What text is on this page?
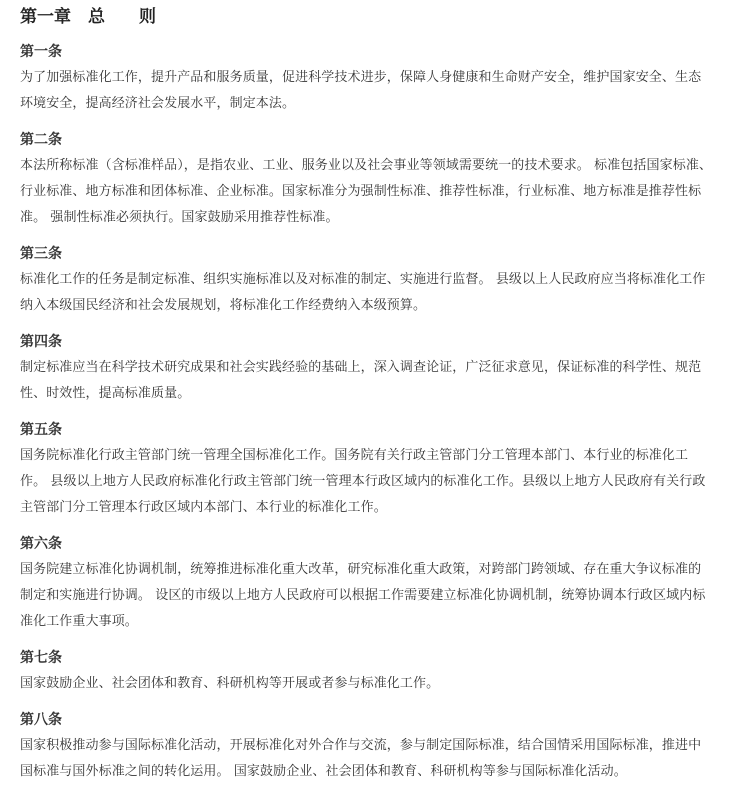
第一章　总　　则
第一条

为了加强标准化工作，提升产品和服务质量，促进科学技术进步，保障人身健康和生命财产安全，维护国家安全、生态环境安全，提高经济社会发展水平，制定本法。

第二条

本法所称标准（含标准样品），是指农业、工业、服务业以及社会事业等领域需要统一的技术要求。 标准包括国家标准、行业标准、地方标准和团体标准、企业标准。国家标准分为强制性标准、推荐性标准，行业标准、地方标准是推荐性标准。 强制性标准必须执行。国家鼓励采用推荐性标准。

第三条

标准化工作的任务是制定标准、组织实施标准以及对标准的制定、实施进行监督。 县级以上人民政府应当将标准化工作纳入本级国民经济和社会发展规划，将标准化工作经费纳入本级预算。

第四条

制定标准应当在科学技术研究成果和社会实践经验的基础上，深入调查论证，广泛征求意见，保证标准的科学性、规范性、时效性，提高标准质量。

第五条

国务院标准化行政主管部门统一管理全国标准化工作。国务院有关行政主管部门分工管理本部门、本行业的标准化工作。 县级以上地方人民政府标准化行政主管部门统一管理本行政区域内的标准化工作。县级以上地方人民政府有关行政主管部门分工管理本行政区域内本部门、本行业的标准化工作。

第六条

国务院建立标准化协调机制，统筹推进标准化重大改革，研究标准化重大政策，对跨部门跨领域、存在重大争议标准的制定和实施进行协调。 设区的市级以上地方人民政府可以根据工作需要建立标准化协调机制，统筹协调本行政区域内标准化工作重大事项。

第七条

国家鼓励企业、社会团体和教育、科研机构等开展或者参与标准化工作。

第八条

国家积极推动参与国际标准化活动，开展标准化对外合作与交流，参与制定国际标准，结合国情采用国际标准，推进中国标准与国外标准之间的转化运用。 国家鼓励企业、社会团体和教育、科研机构等参与国际标准化活动。
